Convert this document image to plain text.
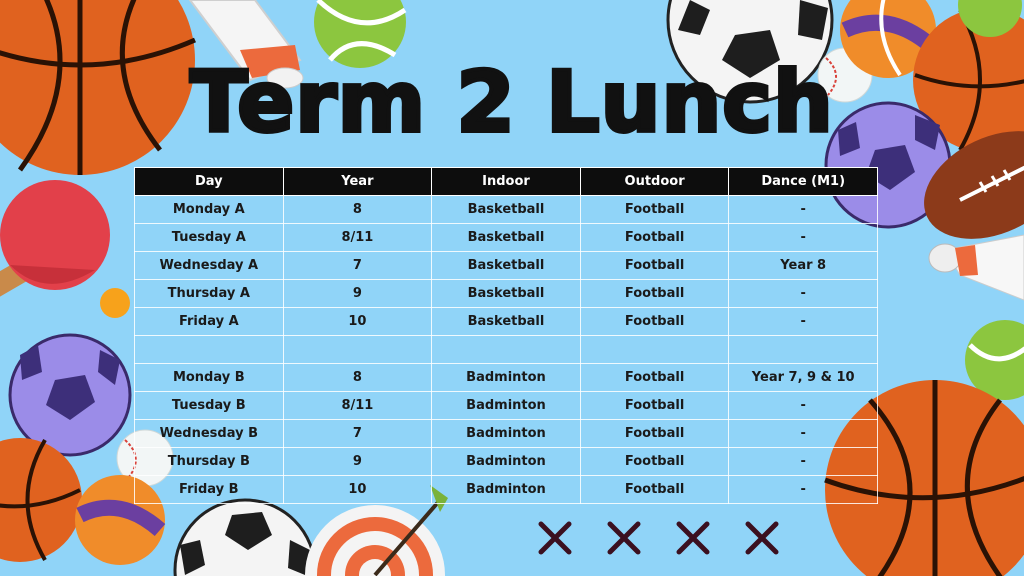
Term 2 Lunch
Day	Year	Indoor	Outdoor	Dance (M1)
Monday A	8	Basketball	Football	-
Tuesday A	8/11	Basketball	Football	-
Wednesday A	7	Basketball	Football	Year 8
Thursday A	9	Basketball	Football	-
Friday A	10	Basketball	Football	-

Monday B	8	Badminton	Football	Year 7, 9 & 10
Tuesday B	8/11	Badminton	Football	-
Wednesday B	7	Badminton	Football	-
Thursday B	9	Badminton	Football	-
Friday B	10	Badminton	Football	-
